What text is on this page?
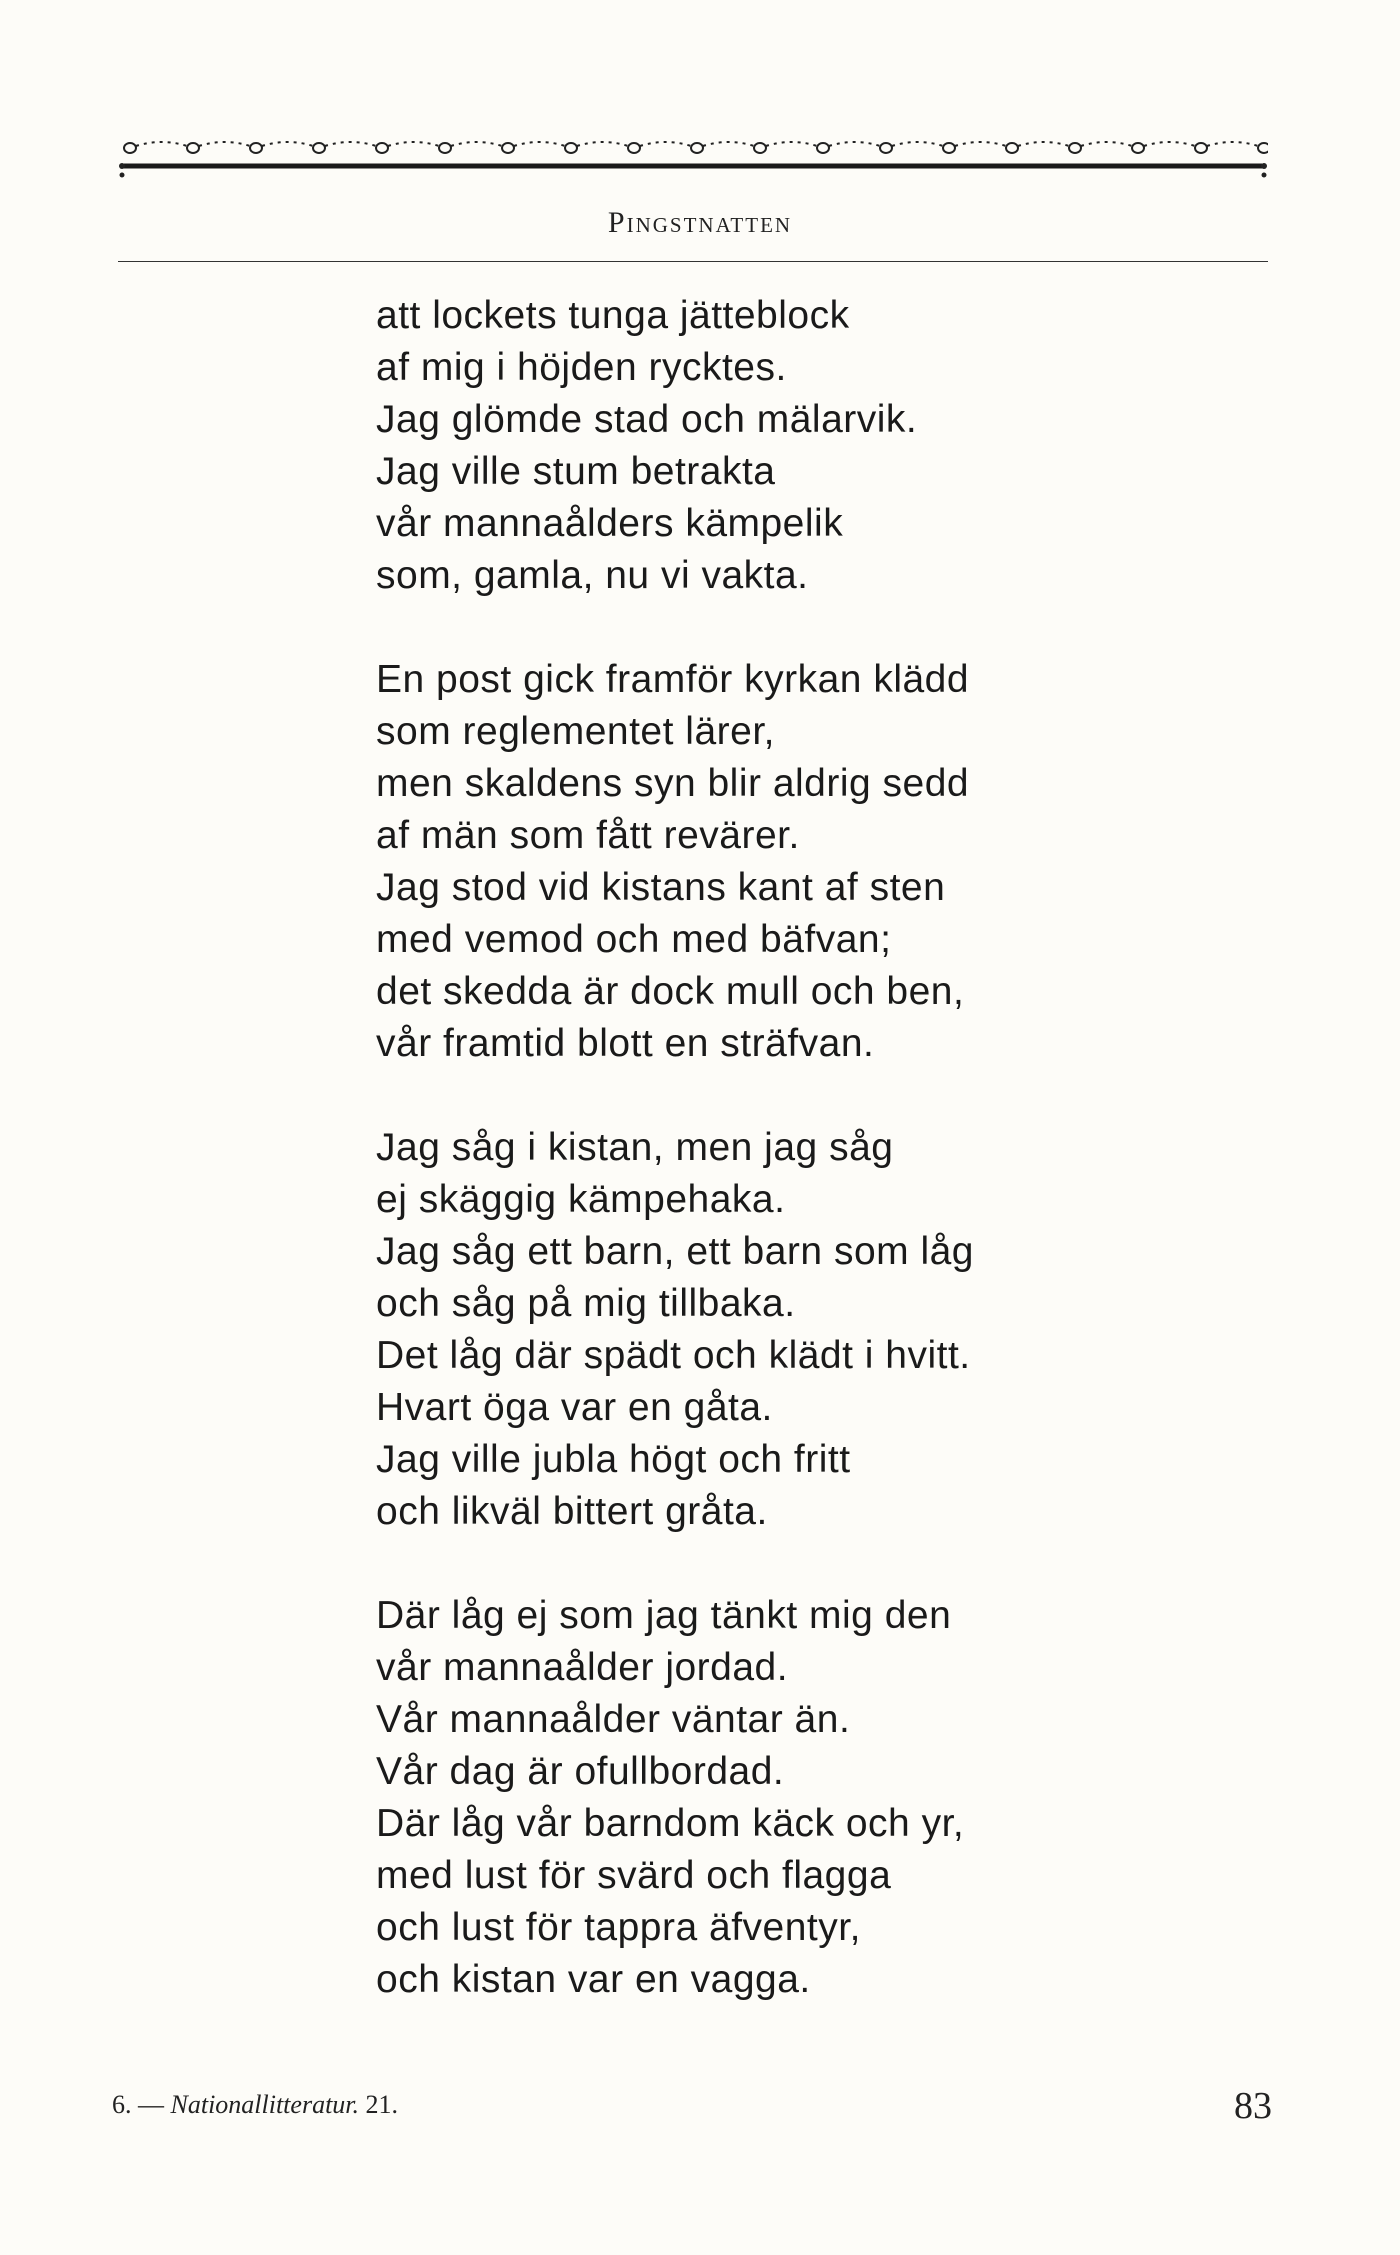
Pingstnatten
att lockets tunga jätteblock
af mig i höjden rycktes.
Jag glömde stad och mälarvik.
Jag ville stum betrakta
vår mannaålders kämpelik
som, gamla, nu vi vakta.
En post gick framför kyrkan klädd
som reglementet lärer,
men skaldens syn blir aldrig sedd
af män som fått revärer.
Jag stod vid kistans kant af sten
med vemod och med bäfvan;
det skedda är dock mull och ben,
vår framtid blott en sträfvan.
Jag såg i kistan, men jag såg
ej skäggig kämpehaka.
Jag såg ett barn, ett barn som låg
och såg på mig tillbaka.
Det låg där spädt och klädt i hvitt.
Hvart öga var en gåta.
Jag ville jubla högt och fritt
och likväl bittert gråta.
Där låg ej som jag tänkt mig den
vår mannaålder jordad.
Vår mannaålder väntar än.
Vår dag är ofullbordad.
Där låg vår barndom käck och yr,
med lust för svärd och flagga
och lust för tappra äfventyr,
och kistan var en vagga.
6. — Nationallitteratur. 21.	83
